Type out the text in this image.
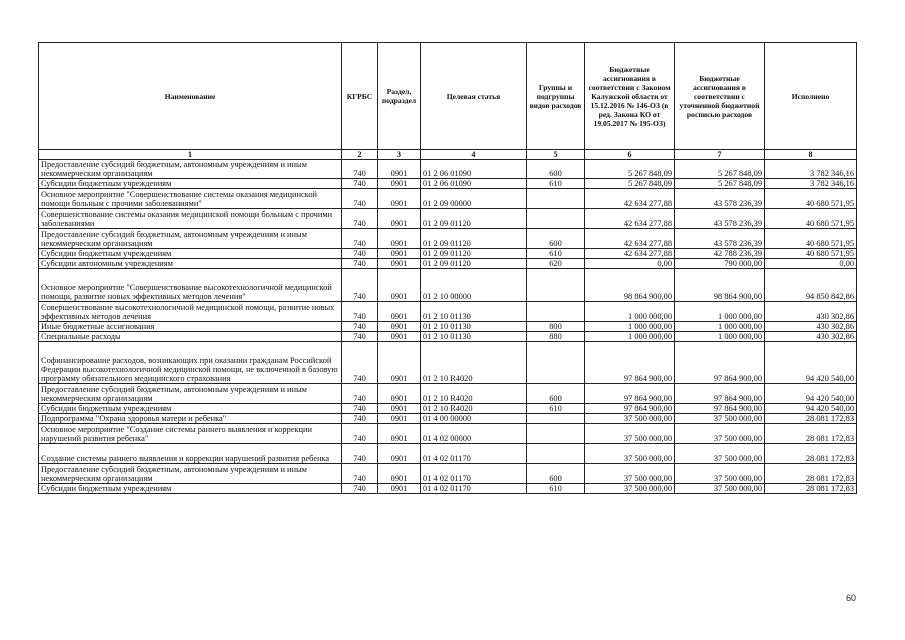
Наименование	КГРБС	Раздел, подраздел	Целевая статья	Группы и подгруппы видов расходов	Бюджетные ассигнования в соответствии с Законом Калужской области от 15.12.2016 № 146-ОЗ (в ред. Закона КО от 19.05.2017 № 195-ОЗ)	Бюджетные ассигнования в соответствии с уточненной бюджетной росписью расходов	Исполнено
1	2	3	4	5	6	7	8
Предоставление субсидий бюджетным, автономным учреждениям и иным некоммерческим организациям	740	0901	01 2 06 01090	600	5 267 848,09	5 267 848,09	3 782 346,16
Субсидии бюджетным учреждениям	740	0901	01 2 06 01090	610	5 267 848,09	5 267 848,09	3 782 346,16
Основное мероприятие "Совершенствование системы оказания медицинской помощи больным с прочими заболеваниями"	740	0901	01 2 09 00000		42 634 277,88	43 578 236,39	40 680 571,95
Совершенствование системы оказания медицинской помощи больным с прочими заболеваниями	740	0901	01 2 09 01120		42 634 277,88	43 578 236,39	40 680 571,95
Предоставление субсидий бюджетным, автономным учреждениям и иным некоммерческим организациям	740	0901	01 2 09 01120	600	42 634 277,88	43 578 236,39	40 680 571,95
Субсидии бюджетным учреждениям	740	0901	01 2 09 01120	610	42 634 277,88	42 788 236,39	40 680 571,95
Субсидии автономным учреждениям	740	0901	01 2 09 01120	620	0,00	790 000,00	0,00
Основное мероприятие "Совершенствование высокотехнологичной медицинской помощи, развитие новых эффективных методов лечения"	740	0901	01 2 10 00000		98 864 900,00	98 864 900,00	94 850 842,86
Совершенствование высокотехнологичной медицинской помощи, развитие новых эффективных методов лечения	740	0901	01 2 10 01130		1 000 000,00	1 000 000,00	430 302,86
Иные бюджетные ассигнования	740	0901	01 2 10 01130	800	1 000 000,00	1 000 000,00	430 302,86
Специальные расходы	740	0901	01 2 10 01130	880	1 000 000,00	1 000 000,00	430 302,86
Софинансирование расходов, возникающих при оказании гражданам Российской Федерации высокотехнологичной медицинской помощи, не включенной в базовую программу обязательного медицинского страхования	740	0901	01 2 10 R4020		97 864 900,00	97 864 900,00	94 420 540,00
Предоставление субсидий бюджетным, автономным учреждениям и иным некоммерческим организациям	740	0901	01 2 10 R4020	600	97 864 900,00	97 864 900,00	94 420 540,00
Субсидии бюджетным учреждениям	740	0901	01 2 10 R4020	610	97 864 900,00	97 864 900,00	94 420 540,00
Подпрограмма "Охрана здоровья матери и ребенка"	740	0901	01 4 00 00000		37 500 000,00	37 500 000,00	28 081 172,83
Основное мероприятие "Создание системы раннего выявления и коррекции нарушений развития ребенка"	740	0901	01 4 02 00000		37 500 000,00	37 500 000,00	28 081 172,83
Создание системы раннего выявления и коррекции нарушений развития ребенка	740	0901	01 4 02 01170		37 500 000,00	37 500 000,00	28 081 172,83
Предоставление субсидий бюджетным, автономным учреждениям и иным некоммерческим организациям	740	0901	01 4 02 01170	600	37 500 000,00	37 500 000,00	28 081 172,83
Субсидии бюджетным учреждениям	740	0901	01 4 02 01170	610	37 500 000,00	37 500 000,00	28 081 172,83
60
